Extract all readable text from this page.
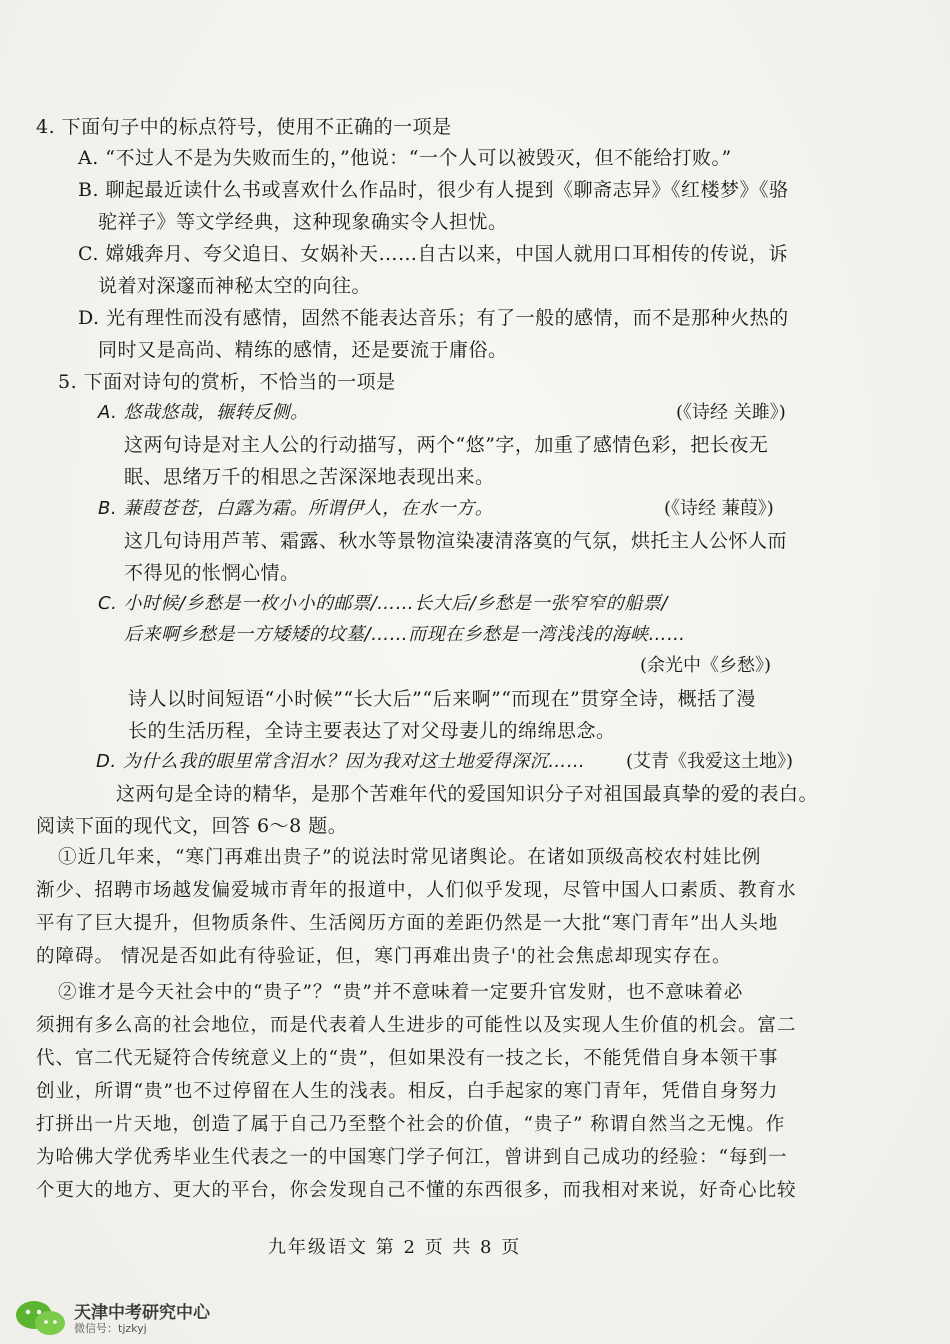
4. 下面句子中的标点符号，使用不正确的一项是
A. “不过人不是为失败而生的，”他说：“一个人可以被毁灭，但不能给打败。”
B. 聊起最近读什么书或喜欢什么作品时，很少有人提到《聊斋志异》《红楼梦》《骆
驼祥子》等文学经典，这种现象确实令人担忧。
C. 嫦娥奔月、夸父追日、女娲补天……自古以来，中国人就用口耳相传的传说，诉
说着对深邃而神秘太空的向往。
D. 光有理性而没有感情，固然不能表达音乐；有了一般的感情，而不是那种火热的
同时又是高尚、精练的感情，还是要流于庸俗。
5. 下面对诗句的赏析，不恰当的一项是
A. 悠哉悠哉，辗转反侧。	(《诗经 关雎》)
这两句诗是对主人公的行动描写，两个“悠”字，加重了感情色彩，把长夜无
眠、思绪万千的相思之苦深深地表现出来。
B. 蒹葭苍苍，白露为霜。所谓伊人，在水一方。	(《诗经 蒹葭》)
这几句诗用芦苇、霜露、秋水等景物渲染凄清落寞的气氛，烘托主人公怀人而
不得见的怅惘心情。
C. 小时候/乡愁是一枚小小的邮票/……长大后/乡愁是一张窄窄的船票/
后来啊乡愁是一方矮矮的坟墓/……而现在乡愁是一湾浅浅的海峡……
(余光中《乡愁》)
诗人以时间短语“小时候”“长大后”“后来啊”“而现在”贯穿全诗，概括了漫
长的生活历程，全诗主要表达了对父母妻儿的绵绵思念。
D. 为什么我的眼里常含泪水？因为我对这土地爱得深沉…… (艾青《我爱这土地》)
这两句是全诗的精华，是那个苦难年代的爱国知识分子对祖国最真挚的爱的表白。
阅读下面的现代文，回答 6～8 题。
①近几年来，“寒门再难出贵子”的说法时常见诸舆论。在诸如顶级高校农村娃比例
渐少、招聘市场越发偏爱城市青年的报道中，人们似乎发现，尽管中国人口素质、教育水
平有了巨大提升，但物质条件、生活阅历方面的差距仍然是一大批“寒门青年”出人头地
的障碍。 情况是否如此有待验证，但，寒门再难出贵子'的社会焦虑却现实存在。
②谁才是今天社会中的“贵子”？“贵”并不意味着一定要升官发财，也不意味着必
须拥有多么高的社会地位，而是代表着人生进步的可能性以及实现人生价值的机会。富二
代、官二代无疑符合传统意义上的“贵”，但如果没有一技之长，不能凭借自身本领干事
创业，所谓“贵”也不过停留在人生的浅表。相反，白手起家的寒门青年，凭借自身努力
打拼出一片天地，创造了属于自己乃至整个社会的价值，“贵子” 称谓自然当之无愧。作
为哈佛大学优秀毕业生代表之一的中国寒门学子何江，曾讲到自己成功的经验：“每到一
个更大的地方、更大的平台，你会发现自己不懂的东西很多，而我相对来说，好奇心比较
九年级语文 第 2 页 共 8 页
天津中考研究中心
微信号：tjzkyj
